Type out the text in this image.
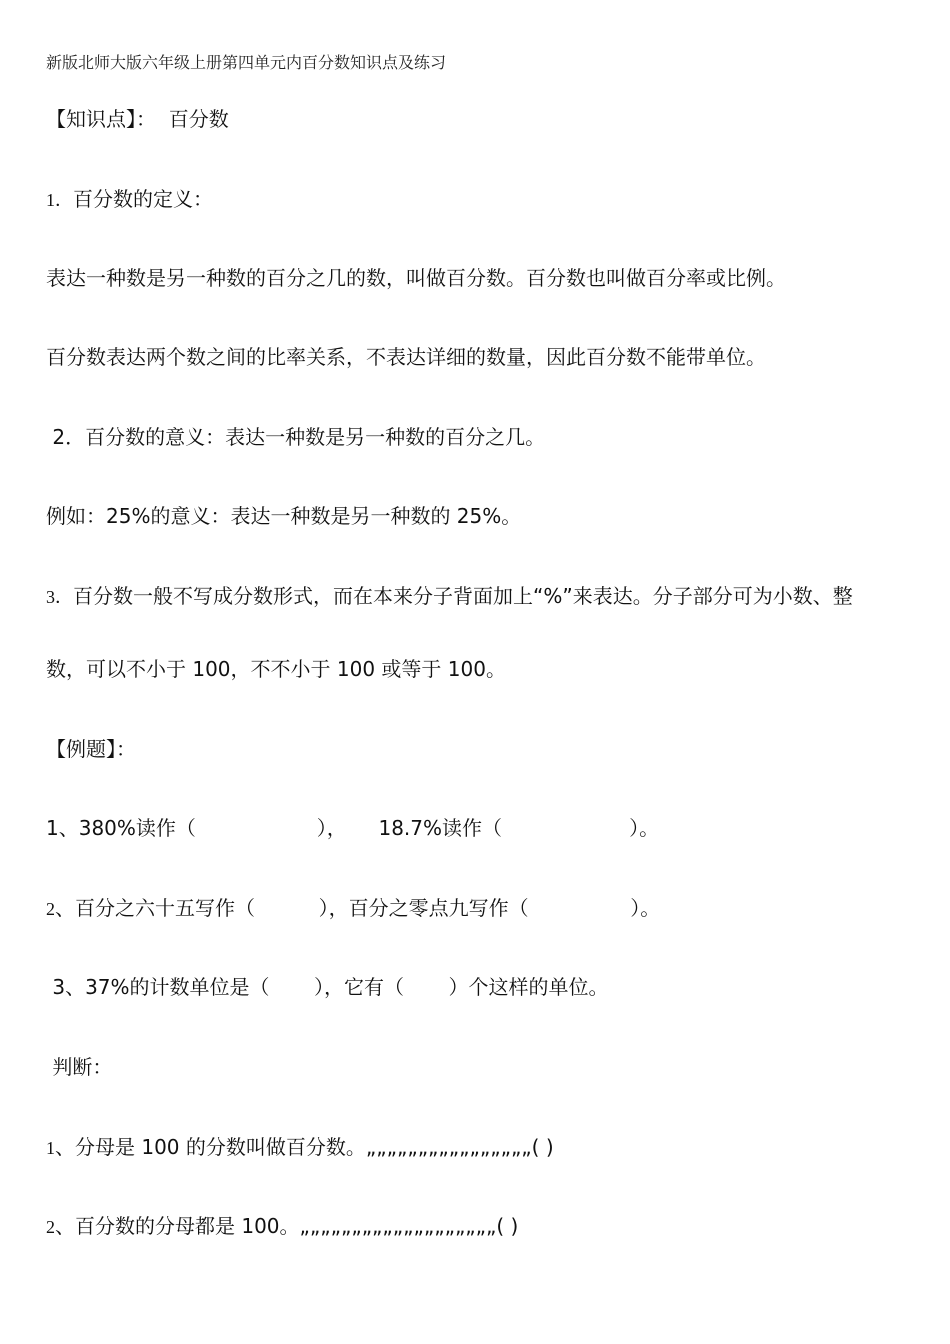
新版北师大版六年级上册第四单元内百分数知识点及练习
【知识点】：  百分数
1．百分数的定义：
表达一种数是另一种数的百分之几的数，叫做百分数。百分数也叫做百分率或比例。
百分数表达两个数之间的比率关系，不表达详细的数量，因此百分数不能带单位。
2．百分数的意义：表达一种数是另一种数的百分之几。
例如：25%的意义：表达一种数是另一种数的 25%。
3．百分数一般不写成分数形式，而在本来分子背面加上“%”来表达。分子部分可为小数、整
数，可以不小于 100，不不小于 100 或等于 100。
【例题】：
1、380%读作（                   ），     18.7%读作（                    ）。
2、百分之六十五写作（          ），百分之零点九写作（                ）。
3、37%的计数单位是（       ），它有（       ）个这样的单位。
判断：
1、分母是 100 的分数叫做百分数。„„„„„„„„„„„„„„„„( )
2、百分数的分母都是 100。„„„„„„„„„„„„„„„„„„„( )
